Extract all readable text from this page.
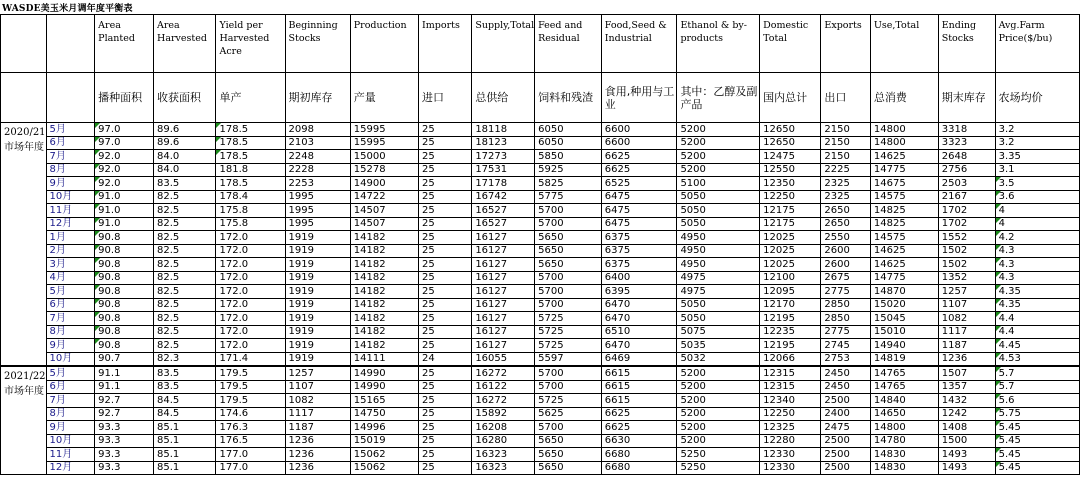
WASDE美玉米月调年度平衡表
		Area Planted	Area Harvested	Yield per Harvested Acre	Beginning Stocks	Production	Imports	Supply,Total	Feed and Residual	Food,Seed & Industrial	Ethanol & by-products	Domestic Total	Exports	Use,Total	Ending Stocks	Avg.Farm Price($/bu)
		播种面积	收获面积	单产	期初库存	产量	进口	总供给	饲料和残渣	食用,种用与工业	其中：乙醇及副产品	国内总计	出口	总消费	期末库存	农场均价
2020/21市场年度	5月	97.0	89.6	178.5	2098	15995	25	18118	6050	6600	5200	12650	2150	14800	3318	3.2
	6月	97.0	89.6	178.5	2103	15995	25	18123	6050	6600	5200	12650	2150	14800	3323	3.2
	7月	92.0	84.0	178.5	2248	15000	25	17273	5850	6625	5200	12475	2150	14625	2648	3.35
	8月	92.0	84.0	181.8	2228	15278	25	17531	5925	6625	5200	12550	2225	14775	2756	3.1
	9月	92.0	83.5	178.5	2253	14900	25	17178	5825	6525	5100	12350	2325	14675	2503	3.5
	10月	91.0	82.5	178.4	1995	14722	25	16742	5775	6475	5050	12250	2325	14575	2167	3.6
	11月	91.0	82.5	175.8	1995	14507	25	16527	5700	6475	5050	12175	2650	14825	1702	4
	12月	91.0	82.5	175.8	1995	14507	25	16527	5700	6475	5050	12175	2650	14825	1702	4
	1月	90.8	82.5	172.0	1919	14182	25	16127	5650	6375	4950	12025	2550	14575	1552	4.2
	2月	90.8	82.5	172.0	1919	14182	25	16127	5650	6375	4950	12025	2600	14625	1502	4.3
	3月	90.8	82.5	172.0	1919	14182	25	16127	5650	6375	4950	12025	2600	14625	1502	4.3
	4月	90.8	82.5	172.0	1919	14182	25	16127	5700	6400	4975	12100	2675	14775	1352	4.3
	5月	90.8	82.5	172.0	1919	14182	25	16127	5700	6395	4975	12095	2775	14870	1257	4.35
	6月	90.8	82.5	172.0	1919	14182	25	16127	5700	6470	5050	12170	2850	15020	1107	4.35
	7月	90.8	82.5	172.0	1919	14182	25	16127	5725	6470	5050	12195	2850	15045	1082	4.4
	8月	90.8	82.5	172.0	1919	14182	25	16127	5725	6510	5075	12235	2775	15010	1117	4.4
	9月	90.8	82.5	172.0	1919	14182	25	16127	5725	6470	5035	12195	2745	14940	1187	4.45
	10月	90.7	82.3	171.4	1919	14111	24	16055	5597	6469	5032	12066	2753	14819	1236	4.53
2021/22市场年度	5月	91.1	83.5	179.5	1257	14990	25	16272	5700	6615	5200	12315	2450	14765	1507	5.7
	6月	91.1	83.5	179.5	1107	14990	25	16122	5700	6615	5200	12315	2450	14765	1357	5.7
	7月	92.7	84.5	179.5	1082	15165	25	16272	5725	6615	5200	12340	2500	14840	1432	5.6
	8月	92.7	84.5	174.6	1117	14750	25	15892	5625	6625	5200	12250	2400	14650	1242	5.75
	9月	93.3	85.1	176.3	1187	14996	25	16208	5700	6625	5200	12325	2475	14800	1408	5.45
	10月	93.3	85.1	176.5	1236	15019	25	16280	5650	6630	5200	12280	2500	14780	1500	5.45
	11月	93.3	85.1	177.0	1236	15062	25	16323	5650	6680	5250	12330	2500	14830	1493	5.45
	12月	93.3	85.1	177.0	1236	15062	25	16323	5650	6680	5250	12330	2500	14830	1493	5.45
